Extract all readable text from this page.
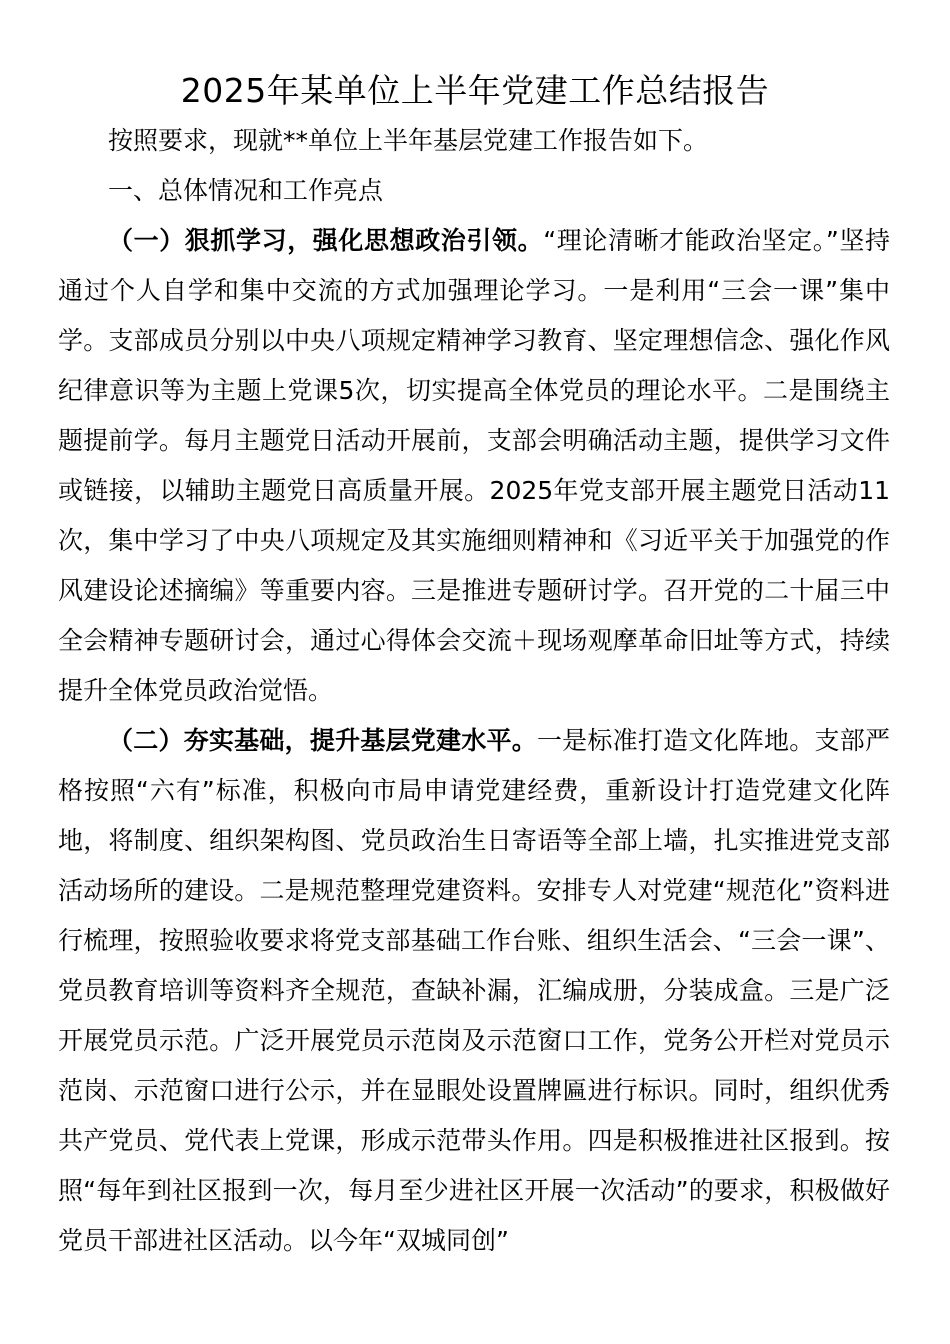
2025年某单位上半年党建工作总结报告

按照要求，现就**单位上半年基层党建工作报告如下。

一、总体情况和工作亮点

（一）狠抓学习，强化思想政治引领。“理论清晰才能政治坚定。”坚持通过个人自学和集中交流的方式加强理论学习。一是利用“三会一课”集中学。支部成员分别以中央八项规定精神学习教育、坚定理想信念、强化作风纪律意识等为主题上党课5次，切实提高全体党员的理论水平。二是围绕主题提前学。每月主题党日活动开展前，支部会明确活动主题，提供学习文件或链接，以辅助主题党日高质量开展。2025年党支部开展主题党日活动11次，集中学习了中央八项规定及其实施细则精神和《习近平关于加强党的作风建设论述摘编》等重要内容。三是推进专题研讨学。召开党的二十届三中全会精神专题研讨会，通过心得体会交流＋现场观摩革命旧址等方式，持续提升全体党员政治觉悟。

（二）夯实基础，提升基层党建水平。一是标准打造文化阵地。支部严格按照“六有”标准，积极向市局申请党建经费，重新设计打造党建文化阵地，将制度、组织架构图、党员政治生日寄语等全部上墙，扎实推进党支部活动场所的建设。二是规范整理党建资料。安排专人对党建“规范化”资料进行梳理，按照验收要求将党支部基础工作台账、组织生活会、“三会一课”、党员教育培训等资料齐全规范，查缺补漏，汇编成册，分装成盒。三是广泛开展党员示范。广泛开展党员示范岗及示范窗口工作，党务公开栏对党员示范岗、示范窗口进行公示，并在显眼处设置牌匾进行标识。同时，组织优秀共产党员、党代表上党课，形成示范带头作用。四是积极推进社区报到。按照“每年到社区报到一次，每月至少进社区开展一次活动”的要求，积极做好党员干部进社区活动。以今年“双城同创”
